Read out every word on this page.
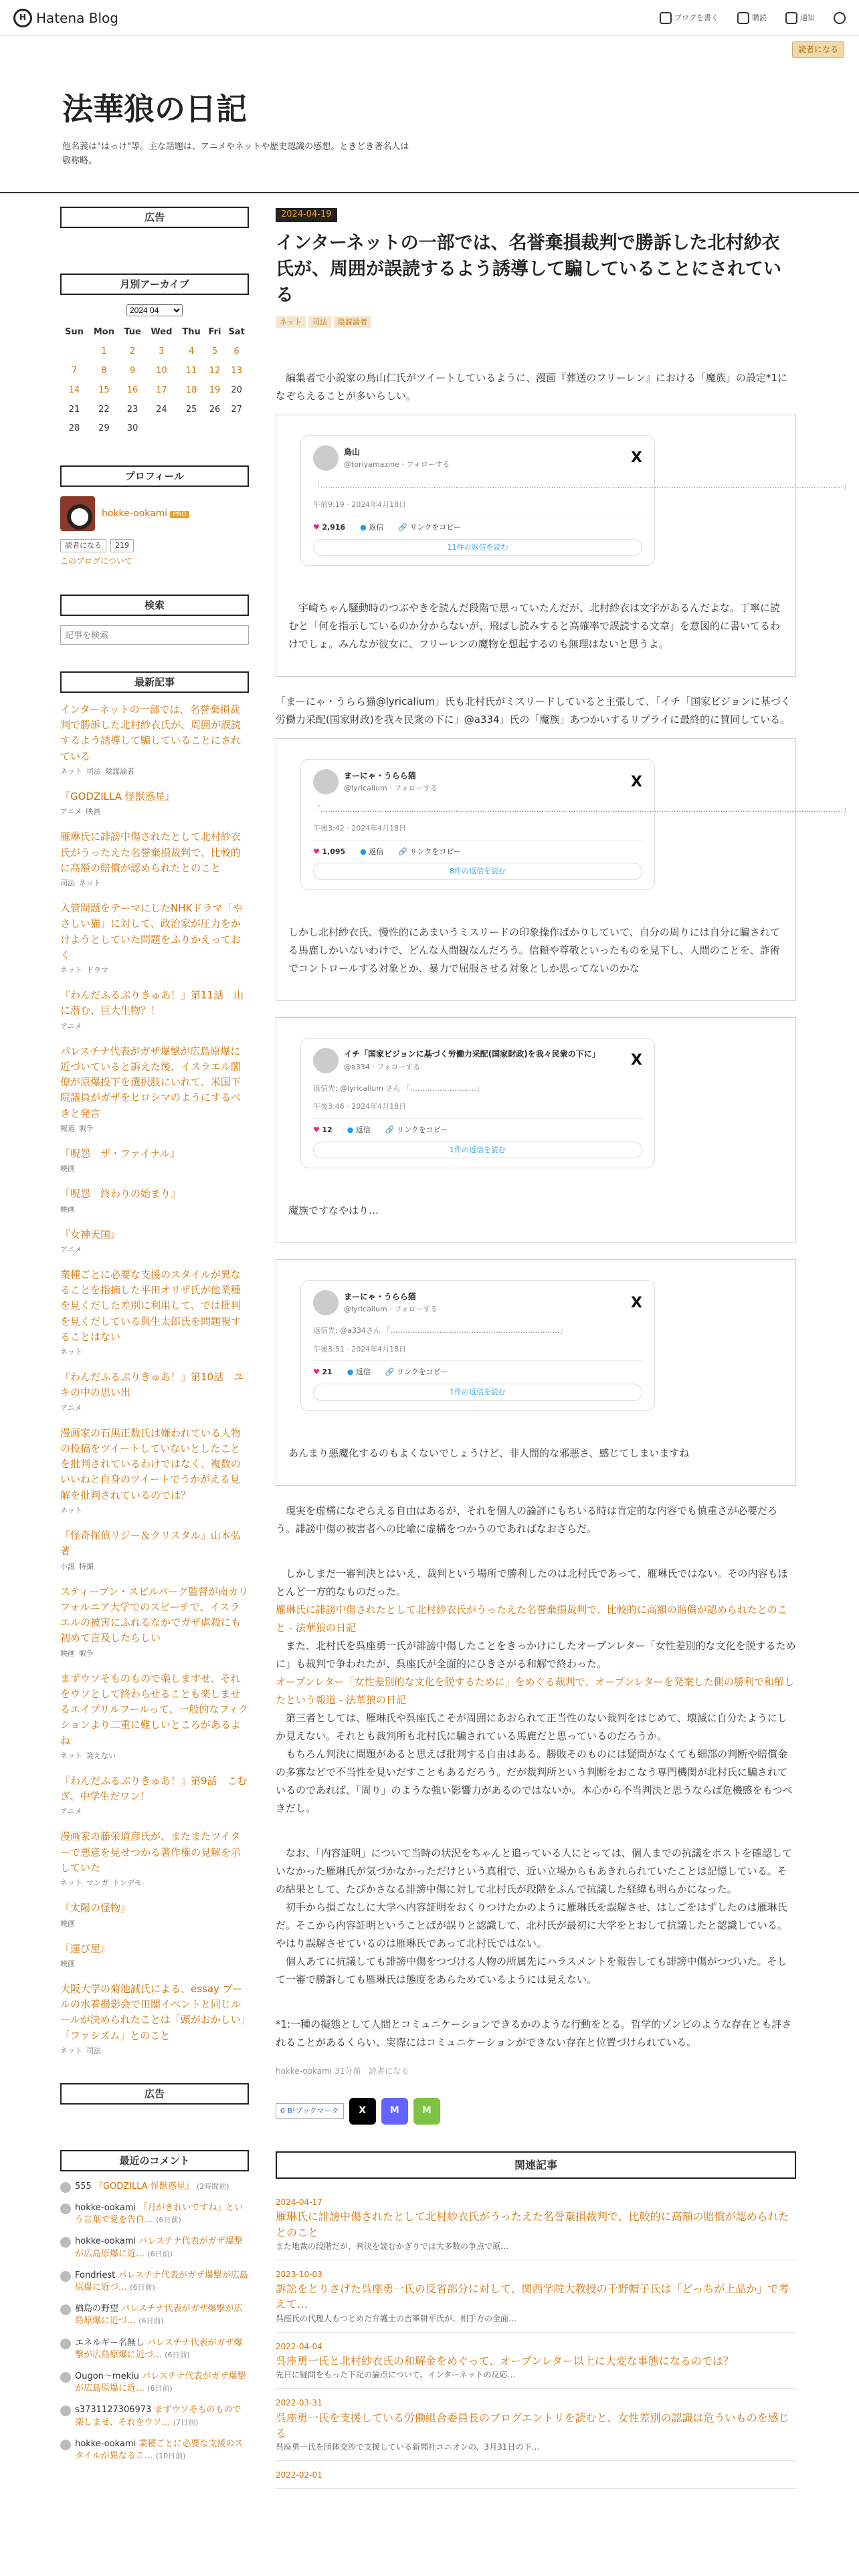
H Hatena Blog	ブログを書く	購読	通知
読者になる
法華狼の日記
他名義は"はっけ"等。主な話題は、アニメやネットや歴史認識の感想。ときどき著名人は敬称略。
広告
月別アーカイブ
2024 04
Sun	Mon	Tue	Wed	Thu	Fri	Sat
	1	2	3	4	5	6
7	8	9	10	11	12	13
14	15	16	17	18	19	20
21	22	23	24	25	26	27
28	29	30				
プロフィール
hokke-ookami PRO
読者になる	219
このブログについて
検索
記事を検索
最新記事
インターネットの一部では、名誉棄損裁判で勝訴した北村紗衣氏が、周囲が誤読するよう誘導して騙していることにされている
ネット 司法 陰謀論者
『GODZILLA 怪獣惑星』
アニメ 映画
雁琳氏に誹謗中傷されたとして北村紗衣氏がうったえた名誉棄損裁判で、比較的に高額の賠償が認められたとのこと
司法 ネット
入管問題をテーマにしたNHKドラマ「やさしい猫」に対して、政治家が圧力をかけようとしていた問題をふりかえっておく
ネット ドラマ
『わんだふるぷりきゅあ！』第11話　山に潜む、巨大生物？！
アニメ
パレスチナ代表がガザ爆撃が広島原爆に近づいていると訴えた後、イスラエル閣僚が原爆投下を選択肢にいれて、米国下院議員がガザをヒロシマのようにするべきと発言
報道 戦争
『呪怨　ザ・ファイナル』
映画
『呪怨　終わりの始まり』
映画
『女神天国』
アニメ
業種ごとに必要な支援のスタイルが異なることを指摘した平田オリザ氏が他業種を見くだした差別に利用して、では批判を見くだしている與生太郎氏を問題視することはない
ネット
『わんだふるぷりきゅあ！』第10話　ユキの中の思い出
アニメ
漫画家の石黒正数氏は嫌われている人物の投稿をツイートしていないとしたことを批判されているわけではなく、複数のいいねと自身のツイートでうかがえる見解を批判されているのでは？
ネット
『怪奇探偵リジー＆クリスタル』山本弘著
小説 特撮
スティーブン・スピルバーグ監督が南カリフォルニア大学でのスピーチで、イスラエルの被害にふれるなかでガザ虐殺にも初めて言及したらしい
映画 戦争
まずウソそものもので楽しますせ、それをウソとして終わらせることも楽しませるエイプリルフールって、一般的なフィクションより二重に難しいところがあるよね
ネット 笑えない
『わんだふるぷりきゅあ！』第9話　こむぎ、中学生だワン！
アニメ
漫画家の藤栄道彦氏が、またまたツイターで悪意を見せつかる著作権の見解を示していた
ネット マンガ トンデモ
『太陽の怪物』
映画
『運び屋』
映画
大阪大学の菊池誠氏による、essay ブールの水着撮影会で田閣イベントと同じルールが決められたことは「頭がおかしい」「ファシズム」とのこと
ネット 司法
広告
最近のコメント
555 『GODZILLA 怪獣惑星』 (2時間前)
hokke-ookami 『月がきれいですね』という言葉で愛を告白… (6日前)
hokke-ookami パレスチナ代表がガザ爆撃が広島原爆に近… (6日前)
Fondriest パレスチナ代表がガザ爆撃が広島原爆に近づ… (6日前)
楢島の野望 パレスチナ代表がガザ爆撃が広島原爆に近づ… (6日前)
エネルギー名無し パレスチナ代表がガザ爆撃が広島原爆に近づ… (6日前)
Ougon～mekiu パレスチナ代表がガザ爆撃が広島原爆に近… (6日前)
s3731127306973 まずウソそものもので楽しませ、それをウソ… (7日前)
hokke-ookami 業種ごとに必要な支援のスタイルが異なるこ… (10日前)
2024-04-19
インターネットの一部では、名誉棄損裁判で勝訴した北村紗衣氏が、周囲が誤読するよう誘導して騙していることにされている
ネット 司法 陰謀論者

　編集者で小説家の鳥山仁氏がツイートしているように、漫画『葬送のフリーレン』における「魔族」の設定*1になぞらえることが多いらしい。

鳥山
@toriyamazine · フォローする	X
「……………………………………………………………………………………………………………………………………………………………………………………………」
午前9:19 · 2024年4月18日
♥ 2,916 ● 返信 🔗 リンクをコピー
11件の返信を読む

　宇崎ちゃん騒動時のつぶやきを読んだ段階で思っていたんだが、北村紗衣は文字があるんだよな。丁寧に読むと「何を指示しているのか分からないが、飛ばし読みすると高確率で誤読する文章」を意図的に書いてるわけでしょ。みんなが彼女に、フリーレンの魔物を想起するのも無理はないと思うよ。

「まーにゃ・うらら猫@lyricalium」氏も北村氏がミスリードしていると主張して、「イチ「国家ビジョンに基づく労働力采配(国家財政)を我々民衆の下に」@a334」氏の「魔族」あつかいするリプライに最終的に賛同している。

まーにゃ・うらら猫
@lyricalium · フォローする	X
「……………………………………………………………………………………………………………………………………………………………………………………………」
午後3:42 · 2024年4月18日
♥ 1,095 ● 返信 🔗 リンクをコピー
8件の返信を読む

しかし北村紗衣氏、慢性的にあまいうミスリードの印象操作ばかりしていて、自分の周りには自分に騙されてる馬鹿しかいないわけで、どんな人間観なんだろう。信頼や尊敬といったものを見下し、人間のことを、詐術でコントロールする対象とか、暴力で屈服させる対象としか思ってないのかな

イチ「国家ビジョンに基づく労働力采配(国家財政)を我々民衆の下に」
@a334 · フォローする	X
返信先: @lyricalium さん 「………………………」
午後3:46 · 2024年4月18日
♥ 12 ● 返信 🔗 リンクをコピー
1件の返信を読む

魔族ですなやはり…

まーにゃ・うらら猫
@lyricalium · フォローする	X
返信先: @a334さん 「……………………………………………………………」
午後3:51 · 2024年4月18日
♥ 21 ● 返信 🔗 リンクをコピー
1件の返信を読む

あんまり悪魔化するのもよくないでしょうけど、非人間的な邪悪さ、感じてしまいますね

　現実を虚構になぞらえる自由はあるが、それを個人の論評にもちいる時は肯定的な内容でも慎重さが必要だろう。誹謗中傷の被害者への比喩に虚構をつかうのであればなおさらだ。

　しかしまだ一審判決とはいえ、裁判という場所で勝利したのは北村氏であって、雁琳氏ではない。その内容もほとんど一方的なものだった。

雁琳氏に誹謗中傷されたとして北村紗衣氏がうったえた名誉棄損裁判で、比較的に高額の賠償が認められたとのこと - 法華狼の日記

　また、北村氏を呉座勇一氏が誹謗中傷したことをきっかけにしたオープンレター「女性差別的な文化を脱するために」も裁判で争われたが、呉座氏が全面的にひきさがる和解で終わった。

オープンレター「女性差別的な文化を脱するために」をめぐる裁判で、オープンレターを発案した側の勝利で和解したという報道 - 法華狼の日記

　第三者としては、雁琳氏や呉座氏こそが周囲にあおられて正当性のない裁判をはじめて、壊滅に自分たようにしか見えない。それとも裁判所も北村氏に騙されている馬鹿だと思っているのだろうか。

　もちろん判決に問題があると思えば批判する自由はある。勝敗そのものには疑問がなくても細部の判断や賠償金の多寡などで不当性を見いだすこともあるだろう。だが裁判所という判断をおこなう専門機関が北村氏に騙されているのであれば、「周り」のような強い影響力があるのではないか。本心から不当判決と思うならば危機感をもつべきだし。

　なお、「内容証明」について当時の状況をちゃんと追っている人にとっては、個人までの抗議をポストを確認していなかった雁琳氏が気づかなかっただけという真相で、近い立場からもあきれられていたことは記憶している。その結果として、たびかさなる誹謗中傷に対して北村氏が段階をふんで抗議した経緯も明らかになった。

　初手から損ごなしに大学へ内容証明をおくりつけたかのように雁琳氏を誤解させ、はしごをはずしたのは雁琳氏だ。そこから内容証明ということばが誤りと認識して、北村氏が最初に大学をとおして抗議したと認識している。やはり誤解させているのは雁琳氏であって北村氏ではない。

　個人あてに抗議しても誹謗中傷をつづける人物の所属先にハラスメントを報告しても誹謗中傷がつづいた。そして一審で勝訴しても雁琳氏は態度をあらためているようには見えない。

*1:一種の擬態として人間とコミュニケーションできるかのような行動をとる。哲学的ゾンビのような存在とも評されることがあるくらい、実際にはコミュニケーションができない存在と位置づけられている。

hokke-ookami 31分前　読者になる
0 B!ブックマーク	X	M	M
関連記事
2024-04-17
雁琳氏に誹謗中傷されたとして北村紗衣氏がうったえた名誉棄損裁判で、比較的に高額の賠償が認められたとのこと
また地裁の段階だが、判決を読むかぎりでは大多数の争点で原…
2023-10-03
訴訟をとりさげた呉座勇一氏の反省部分に対して、関西学院大教授の千野帽子氏は「どっちが上品か」で考えて…
呉座氏の代理人もつとめた弁護士の吉峯耕平氏が、相手方の全面…
2022-04-04
呉座勇一氏と北村紗衣氏の和解金をめぐって、オープンレター以上に大変な事態になるのでは？
先日に疑問をもった下記の論点について、インターネットの反応…
2022-03-31
呉座勇一氏を支援している労働組合委員長のブログエントリを読むと、女性差別の認識は危ういものを感じる
呉座勇一氏を団体交渉で支援している新聞社ユニオンの、3月31日の下…
2022-02-01
